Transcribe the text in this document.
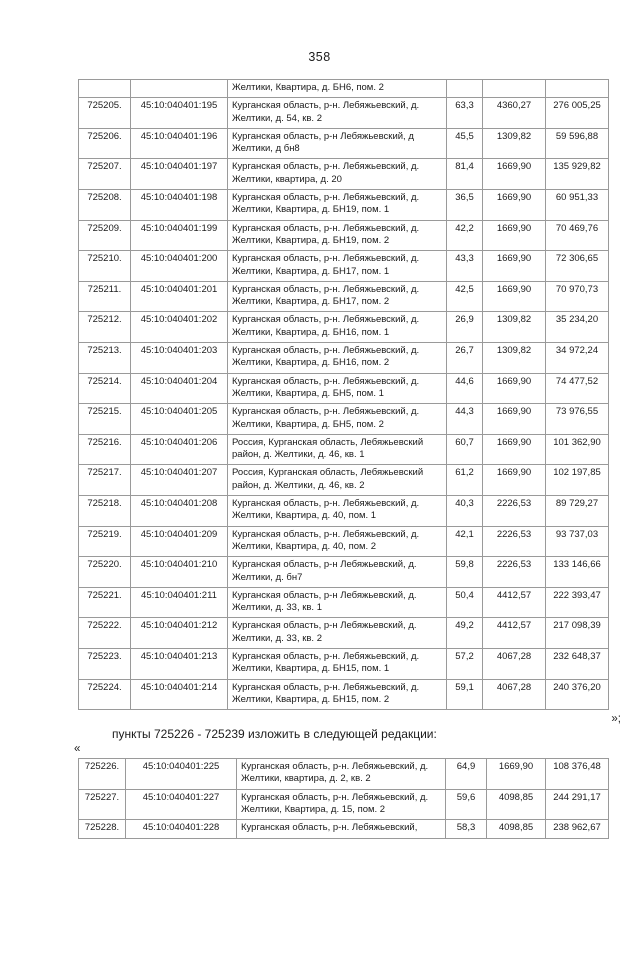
358
		Желтики, Квартира, д. БН6, пом. 2			
725205.	45:10:040401:195	Курганская область, р-н. Лебяжьевский, д. Желтики, д. 54, кв. 2	63,3	4360,27	276 005,25
725206.	45:10:040401:196	Курганская область, р-н Лебяжьевский, д Желтики, д бн8	45,5	1309,82	59 596,88
725207.	45:10:040401:197	Курганская область, р-н. Лебяжьевский, д. Желтики, квартира, д. 20	81,4	1669,90	135 929,82
725208.	45:10:040401:198	Курганская область, р-н. Лебяжьевский, д. Желтики, Квартира, д. БН19, пом. 1	36,5	1669,90	60 951,33
725209.	45:10:040401:199	Курганская область, р-н. Лебяжьевский, д. Желтики, Квартира, д. БН19, пом. 2	42,2	1669,90	70 469,76
725210.	45:10:040401:200	Курганская область, р-н. Лебяжьевский, д. Желтики, Квартира, д. БН17, пом. 1	43,3	1669,90	72 306,65
725211.	45:10:040401:201	Курганская область, р-н. Лебяжьевский, д. Желтики, Квартира, д. БН17, пом. 2	42,5	1669,90	70 970,73
725212.	45:10:040401:202	Курганская область, р-н. Лебяжьевский, д. Желтики, Квартира, д. БН16, пом. 1	26,9	1309,82	35 234,20
725213.	45:10:040401:203	Курганская область, р-н. Лебяжьевский, д. Желтики, Квартира, д. БН16, пом. 2	26,7	1309,82	34 972,24
725214.	45:10:040401:204	Курганская область, р-н. Лебяжьевский, д. Желтики, Квартира, д. БН5, пом. 1	44,6	1669,90	74 477,52
725215.	45:10:040401:205	Курганская область, р-н. Лебяжьевский, д. Желтики, Квартира, д. БН5, пом. 2	44,3	1669,90	73 976,55
725216.	45:10:040401:206	Россия, Курганская область, Лебяжьевский район, д. Желтики, д. 46, кв. 1	60,7	1669,90	101 362,90
725217.	45:10:040401:207	Россия, Курганская область, Лебяжьевский район, д. Желтики, д. 46, кв. 2	61,2	1669,90	102 197,85
725218.	45:10:040401:208	Курганская область, р-н. Лебяжьевский, д. Желтики, Квартира, д. 40, пом. 1	40,3	2226,53	89 729,27
725219.	45:10:040401:209	Курганская область, р-н. Лебяжьевский, д. Желтики, Квартира, д. 40, пом. 2	42,1	2226,53	93 737,03
725220.	45:10:040401:210	Курганская область, р-н Лебяжьевский, д. Желтики, д. бн7	59,8	2226,53	133 146,66
725221.	45:10:040401:211	Курганская область, р-н Лебяжьевский, д. Желтики, д. 33, кв. 1	50,4	4412,57	222 393,47
725222.	45:10:040401:212	Курганская область, р-н Лебяжьевский, д. Желтики, д. 33, кв. 2	49,2	4412,57	217 098,39
725223.	45:10:040401:213	Курганская область, р-н. Лебяжьевский, д. Желтики, Квартира, д. БН15, пом. 1	57,2	4067,28	232 648,37
725224.	45:10:040401:214	Курганская область, р-н. Лебяжьевский, д. Желтики, Квартира, д. БН15, пом. 2	59,1	4067,28	240 376,20
»;
пункты 725226 - 725239 изложить в следующей редакции:
«
725226.	45:10:040401:225	Курганская область, р-н. Лебяжьевский, д. Желтики, квартира, д. 2, кв. 2	64,9	1669,90	108 376,48
725227.	45:10:040401:227	Курганская область, р-н. Лебяжьевский, д. Желтики, Квартира, д. 15, пом. 2	59,6	4098,85	244 291,17
725228.	45:10:040401:228	Курганская область, р-н. Лебяжьевский,	58,3	4098,85	238 962,67
